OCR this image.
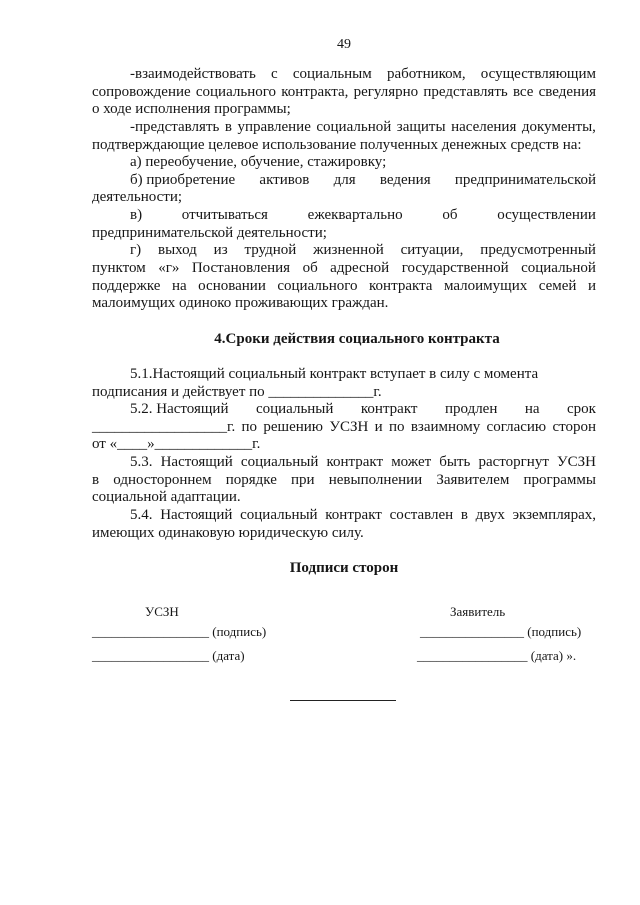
49
-взаимодействовать с социальным работником, осуществляющим
сопровождение социального контракта, регулярно представлять все сведения
о ходе исполнения программы;
-представлять в управление социальной защиты населения документы,
подтверждающие целевое использование полученных денежных средств на:
а) переобучение, обучение, стажировку;
б) приобретение активов для ведения предпринимательской
деятельности;
в)	отчитываться	ежеквартально	об	осуществлении
предпринимательской деятельности;
г) выход из трудной жизненной ситуации, предусмотренный
пунктом «г» Постановления об адресной государственной социальной
поддержке на основании социального контракта малоимущих семей и
малоимущих одиноко проживающих граждан.
4.Сроки действия социального контракта
5.1.Настоящий социальный контракт вступает в силу с момента
подписания и действует по ______________г.
5.2. Настоящий социальный контракт продлен на срок
__________________г. по решению УСЗН и по взаимному согласию сторон
от «____»_____________г.
5.3. Настоящий социальный контракт может быть расторгнут УСЗН
в одностороннем порядке при невыполнении Заявителем программы
социальной адаптации.
5.4. Настоящий социальный контракт составлен в двух экземплярах,
имеющих одинаковую юридическую силу.
Подписи сторон
УСЗН	Заявитель
__________________ (подпись)	________________ (подпись)
__________________ (дата)	_________________ (дата) ».
